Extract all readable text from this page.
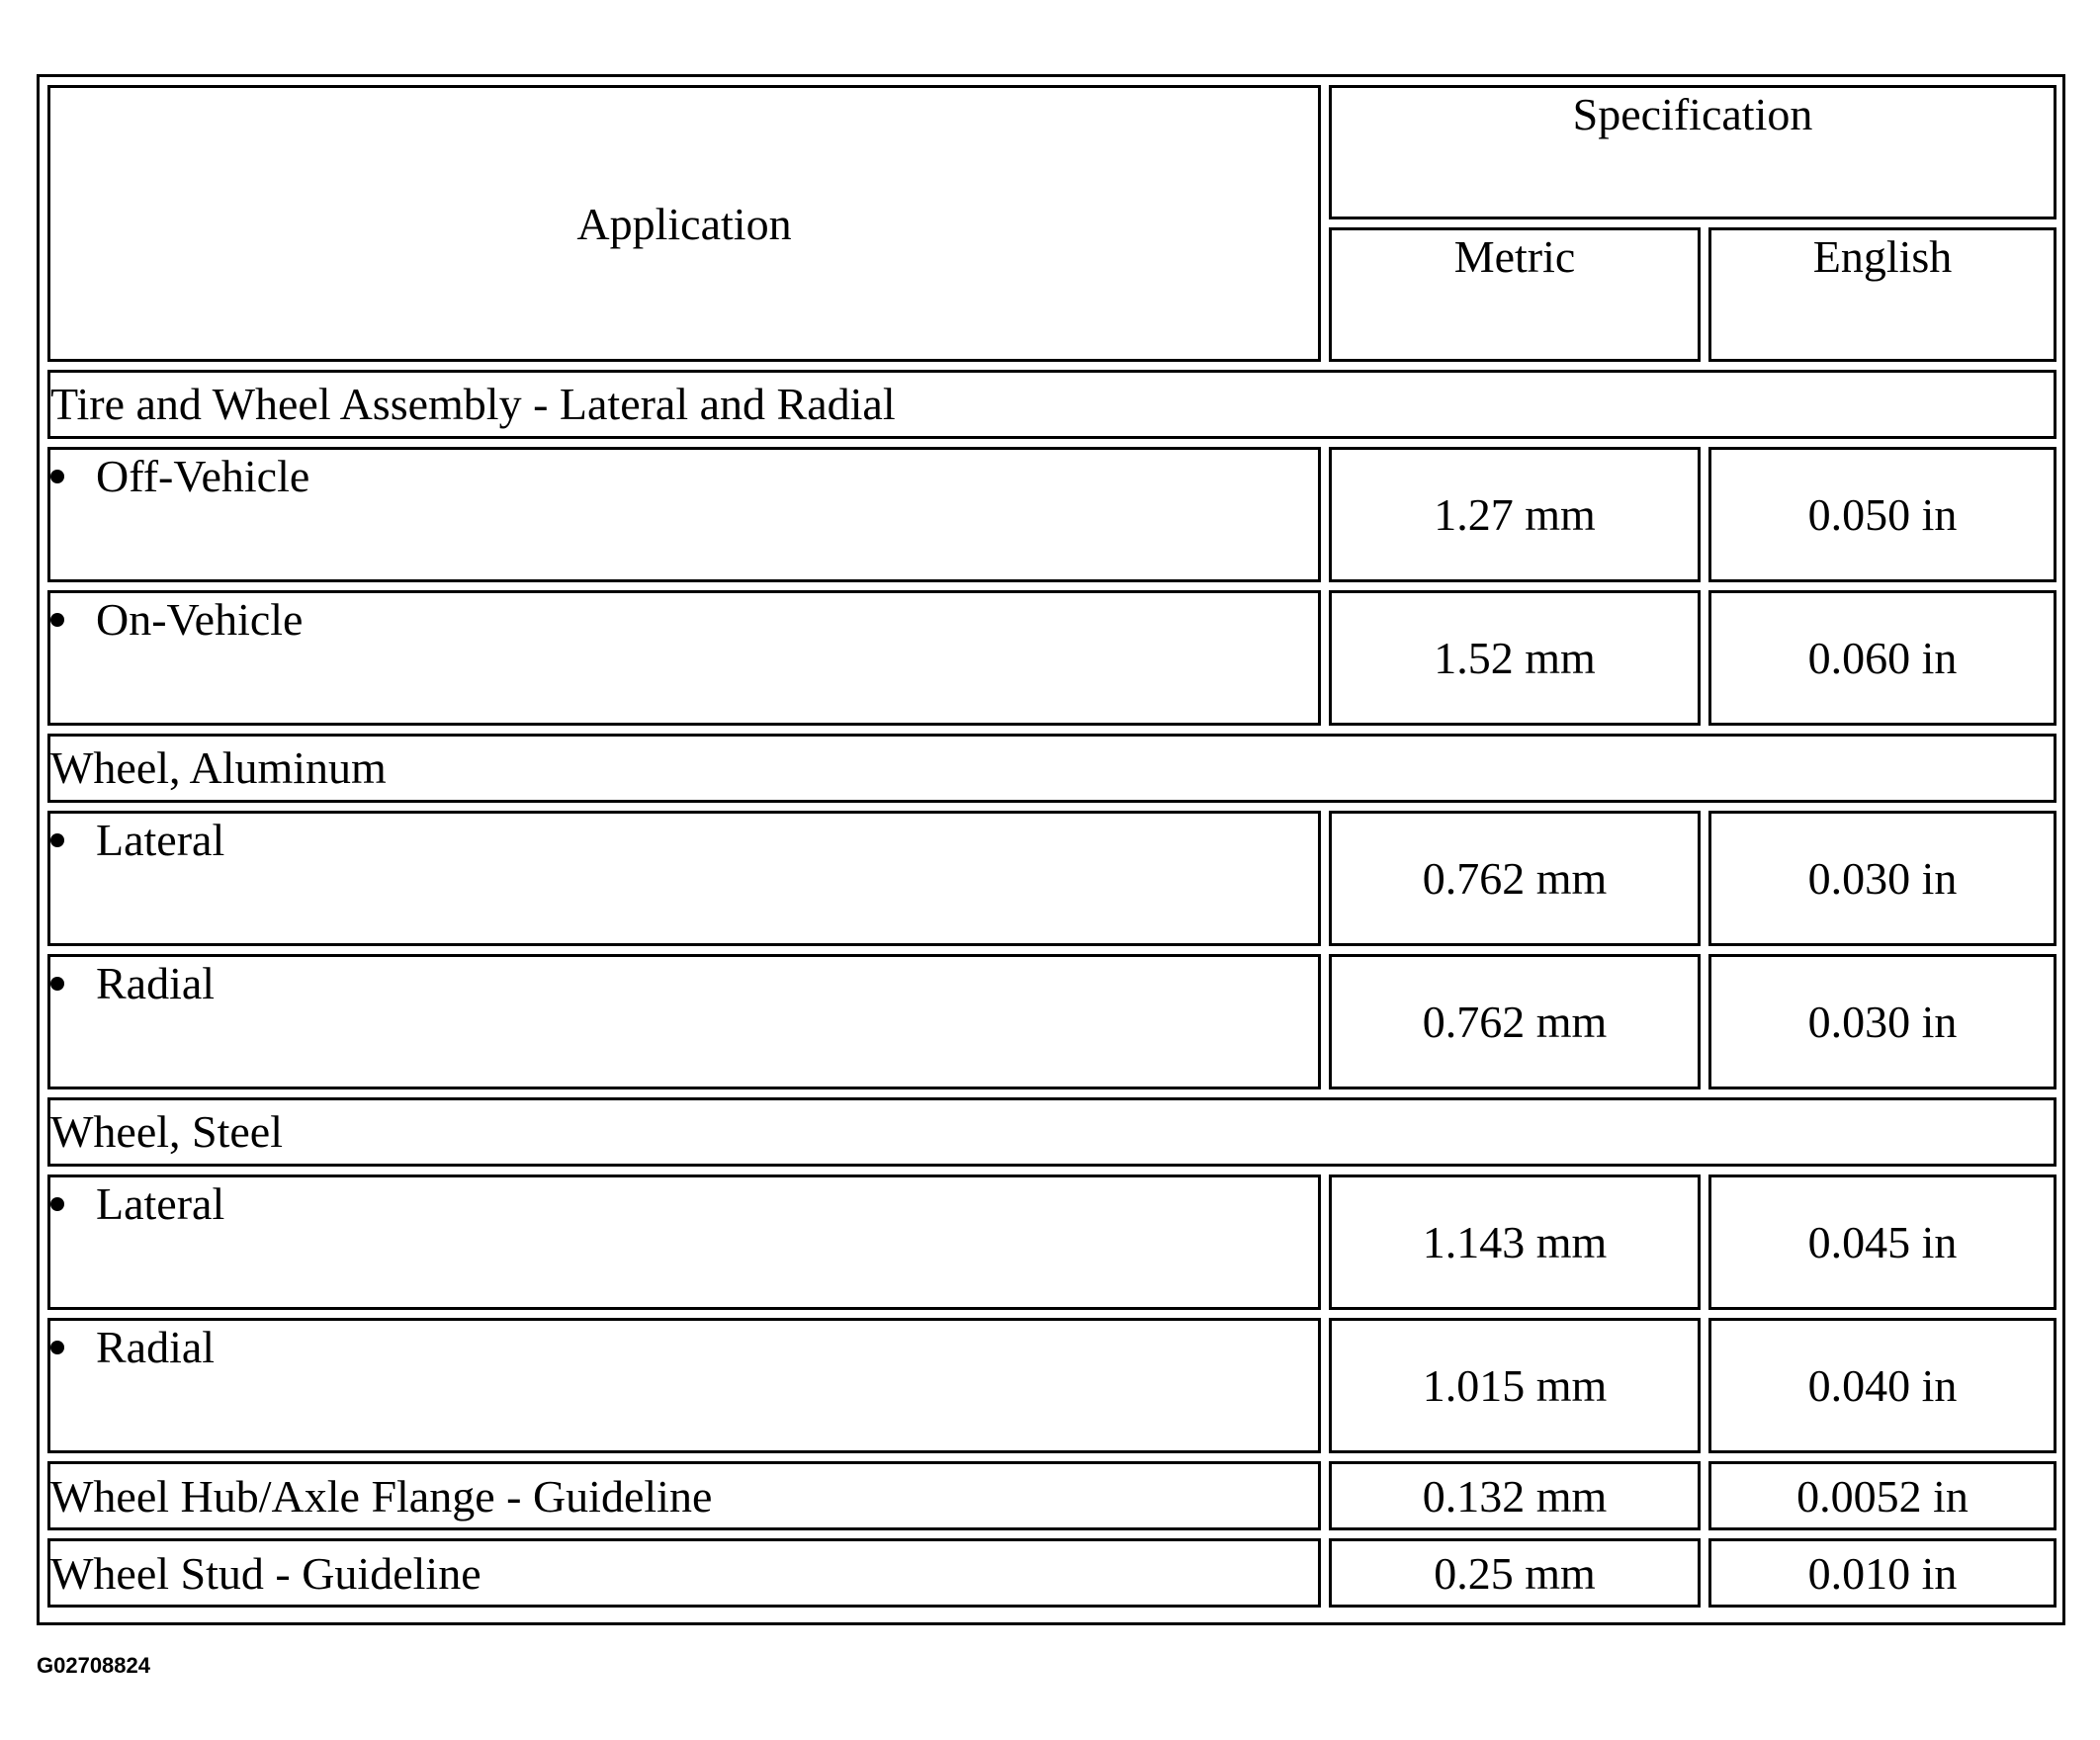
Application	Specification	
	Metric	English
Tire and Wheel Assembly - Lateral and Radial		
Off-Vehicle	1.27 mm	0.050 in
On-Vehicle	1.52 mm	0.060 in
Wheel, Aluminum		
Lateral	0.762 mm	0.030 in
Radial	0.762 mm	0.030 in
Wheel, Steel		
Lateral	1.143 mm	0.045 in
Radial	1.015 mm	0.040 in
Wheel Hub/Axle Flange - Guideline	0.132 mm	0.0052 in
Wheel Stud - Guideline	0.25 mm	0.010 in
G02708824
